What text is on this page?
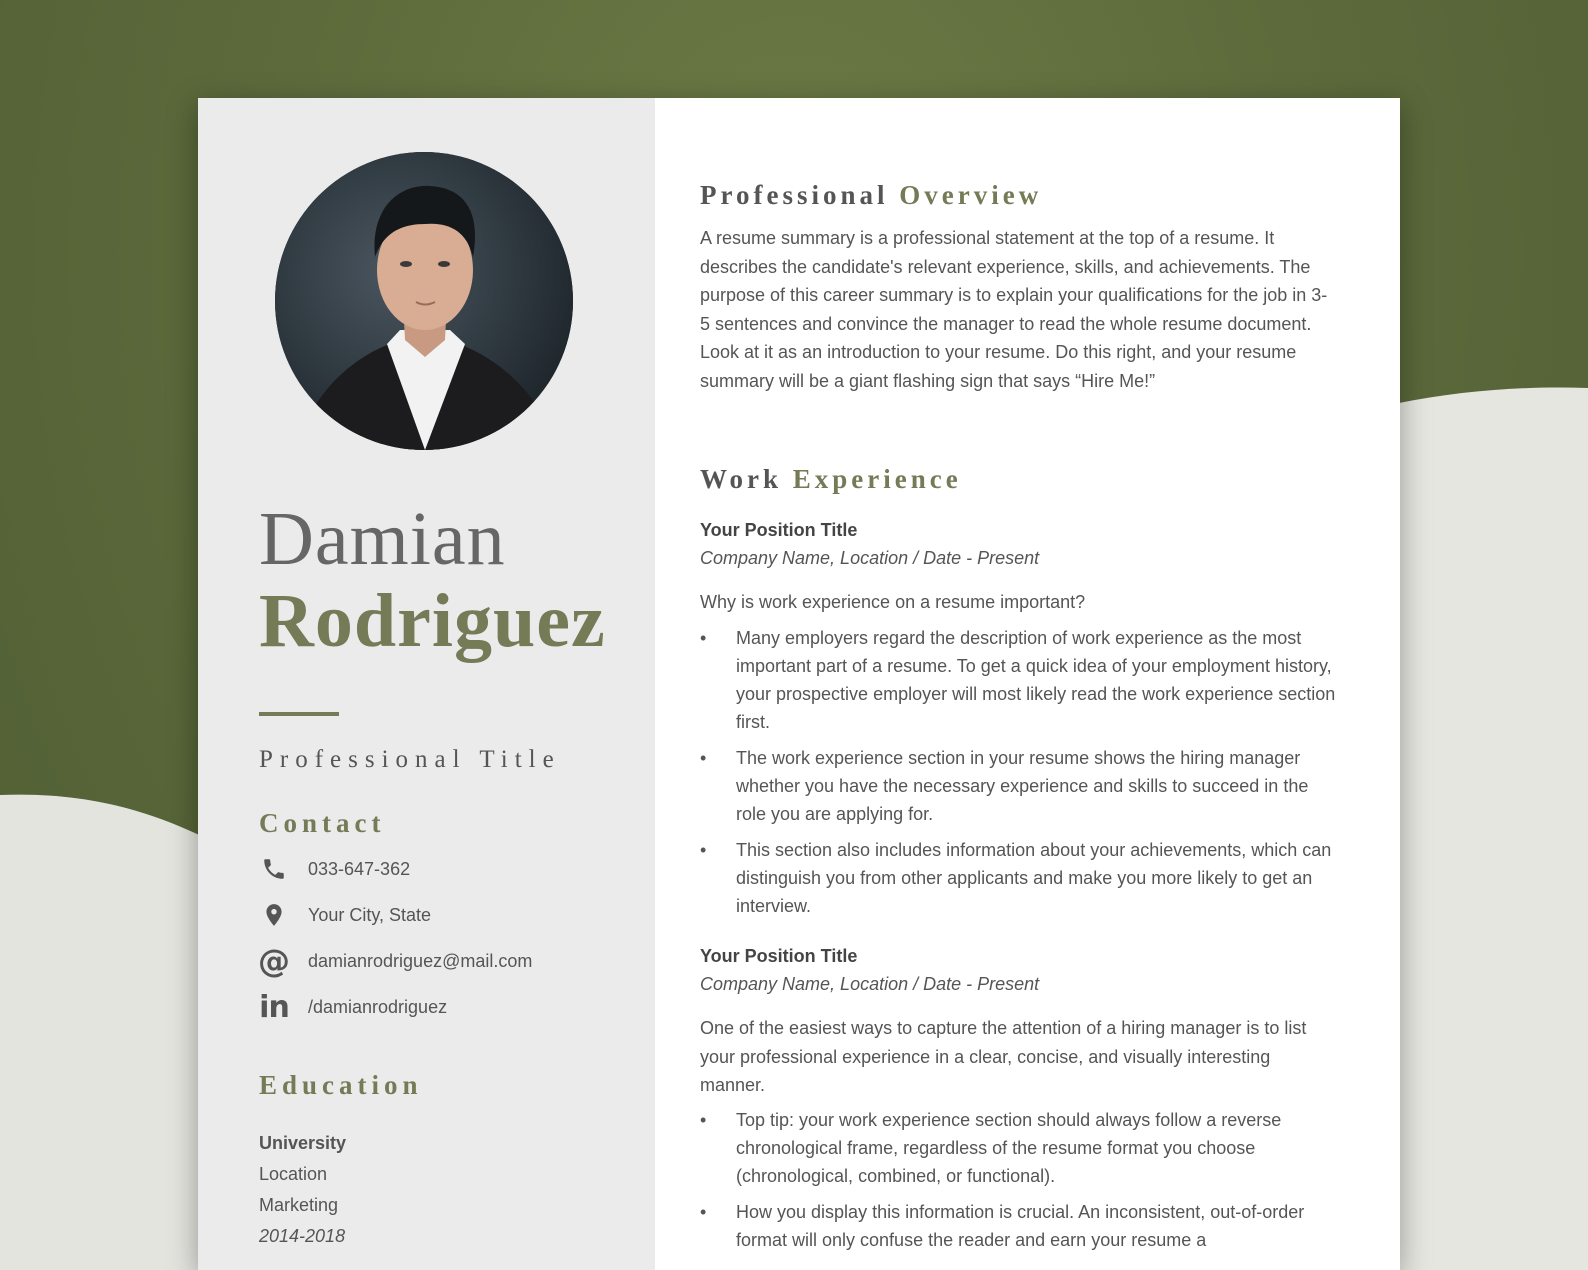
Damian
Rodriguez
Professional Title
Contact
033-647-362
Your City, State
@ damianrodriguez@mail.com
in /damianrodriguez
Education
University
Location
Marketing
2014-2018
Professional Overview
A resume summary is a professional statement at the top of a resume. It describes the candidate's relevant experience, skills, and achievements. The purpose of this career summary is to explain your qualifications for the job in 3-5 sentences and convince the manager to read the whole resume document. Look at it as an introduction to your resume. Do this right, and your resume summary will be a giant flashing sign that says “Hire Me!”
Work Experience
Your Position Title
Company Name, Location / Date - Present
Why is work experience on a resume important?
• Many employers regard the description of work experience as the most important part of a resume. To get a quick idea of your employment history, your prospective employer will most likely read the work experience section first.
• The work experience section in your resume shows the hiring manager whether you have the necessary experience and skills to succeed in the role you are applying for.
• This section also includes information about your achievements, which can distinguish you from other applicants and make you more likely to get an interview.
Your Position Title
Company Name, Location / Date - Present
One of the easiest ways to capture the attention of a hiring manager is to list your professional experience in a clear, concise, and visually interesting manner.
• Top tip: your work experience section should always follow a reverse chronological frame, regardless of the resume format you choose (chronological, combined, or functional).
• How you display this information is crucial. An inconsistent, out-of-order format will only confuse the reader and earn your resume a
